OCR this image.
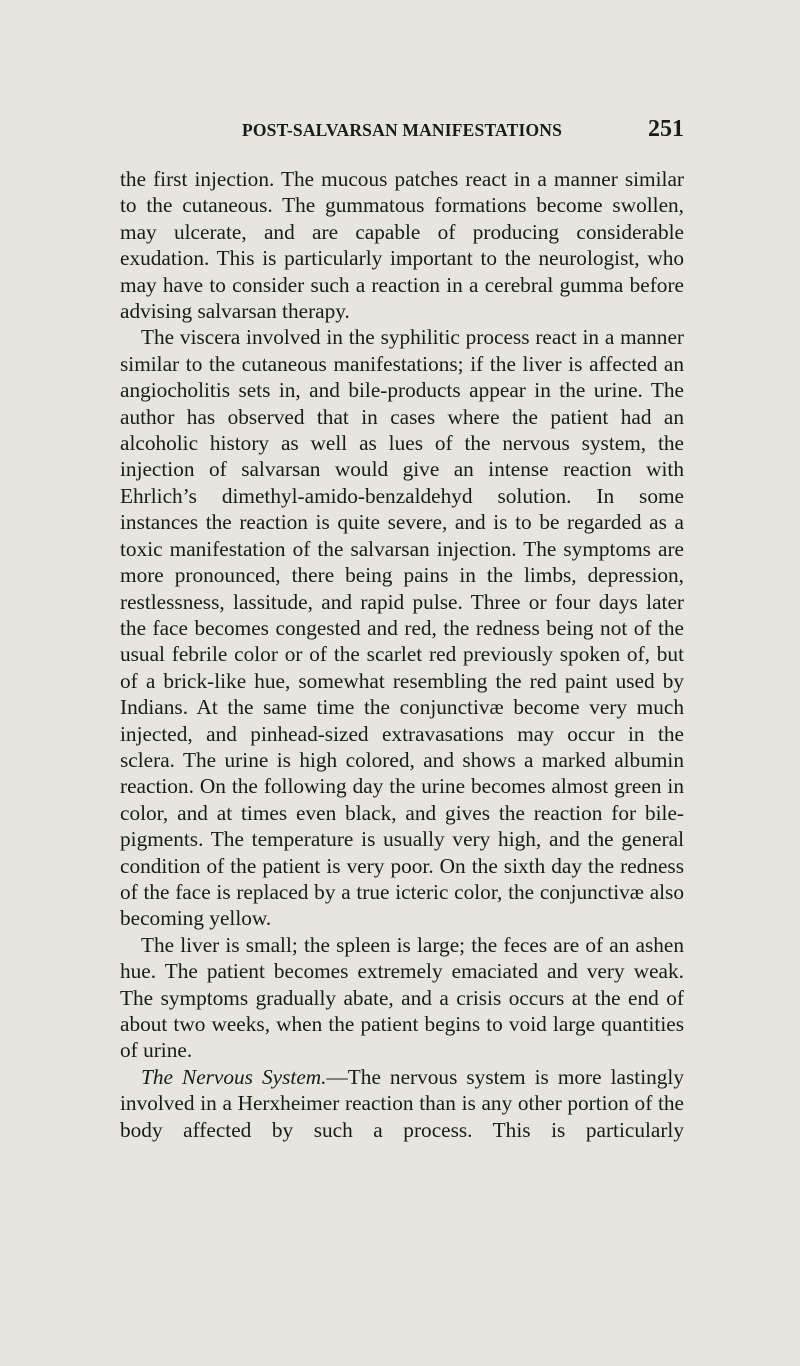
POST-SALVARSAN MANIFESTATIONS	251

the first injection. The mucous patches react in a manner similar to the cutaneous. The gummatous formations become swollen, may ulcerate, and are capable of producing considerable exudation. This is particularly important to the neurologist, who may have to consider such a reaction in a cerebral gumma before advising salvarsan therapy.

The viscera involved in the syphilitic process react in a manner similar to the cutaneous manifestations; if the liver is affected an angiocholitis sets in, and bile-products appear in the urine. The author has observed that in cases where the patient had an alcoholic history as well as lues of the nervous system, the injection of salvarsan would give an intense reaction with Ehrlich’s dimethyl-amido-benzaldehyd solution. In some instances the reaction is quite severe, and is to be regarded as a toxic manifestation of the salvarsan injection. The symptoms are more pronounced, there being pains in the limbs, depression, restlessness, lassitude, and rapid pulse. Three or four days later the face becomes congested and red, the redness being not of the usual febrile color or of the scarlet red previously spoken of, but of a brick-like hue, somewhat resembling the red paint used by Indians. At the same time the conjunctivæ become very much injected, and pinhead-sized extravasations may occur in the sclera. The urine is high colored, and shows a marked albumin reaction. On the following day the urine becomes almost green in color, and at times even black, and gives the reaction for bile-pigments. The temperature is usually very high, and the general condition of the patient is very poor. On the sixth day the redness of the face is replaced by a true icteric color, the conjunctivæ also becoming yellow.

The liver is small; the spleen is large; the feces are of an ashen hue. The patient becomes extremely emaciated and very weak. The symptoms gradually abate, and a crisis occurs at the end of about two weeks, when the patient begins to void large quantities of urine.

The Nervous System.—The nervous system is more lastingly involved in a Herxheimer reaction than is any other portion of the body affected by such a process. This is particularly
